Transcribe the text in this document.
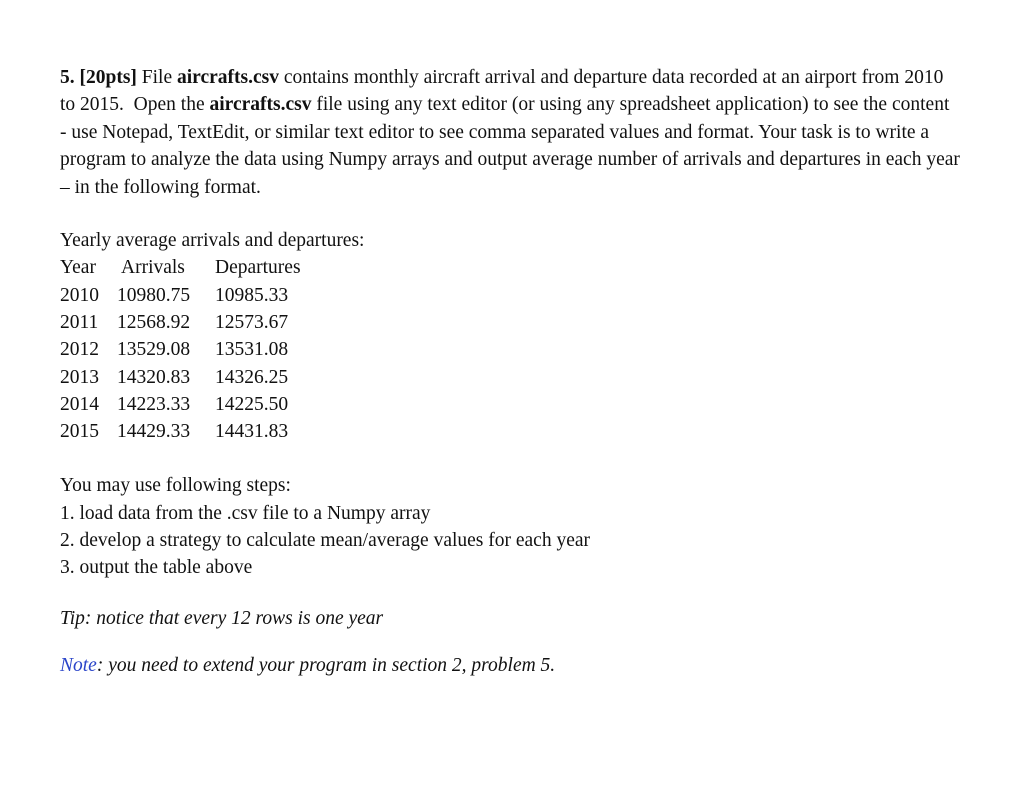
5. [20pts] File aircrafts.csv contains monthly aircraft arrival and departure data recorded at an airport from 2010 to 2015. Open the aircrafts.csv file using any text editor (or using any spreadsheet application) to see the content - use Notepad, TextEdit, or similar text editor to see comma separated values and format. Your task is to write a program to analyze the data using Numpy arrays and output average number of arrivals and departures in each year – in the following format.

Yearly average arrivals and departures:
Year	Arrivals	Departures
2010	10980.75	10985.33
2011	12568.92	12573.67
2012	13529.08	13531.08
2013	14320.83	14326.25
2014	14223.33	14225.50
2015	14429.33	14431.83
You may use following steps:
1. load data from the .csv file to a Numpy array
2. develop a strategy to calculate mean/average values for each year
3. output the table above
Tip: notice that every 12 rows is one year
Note: you need to extend your program in section 2, problem 5.
